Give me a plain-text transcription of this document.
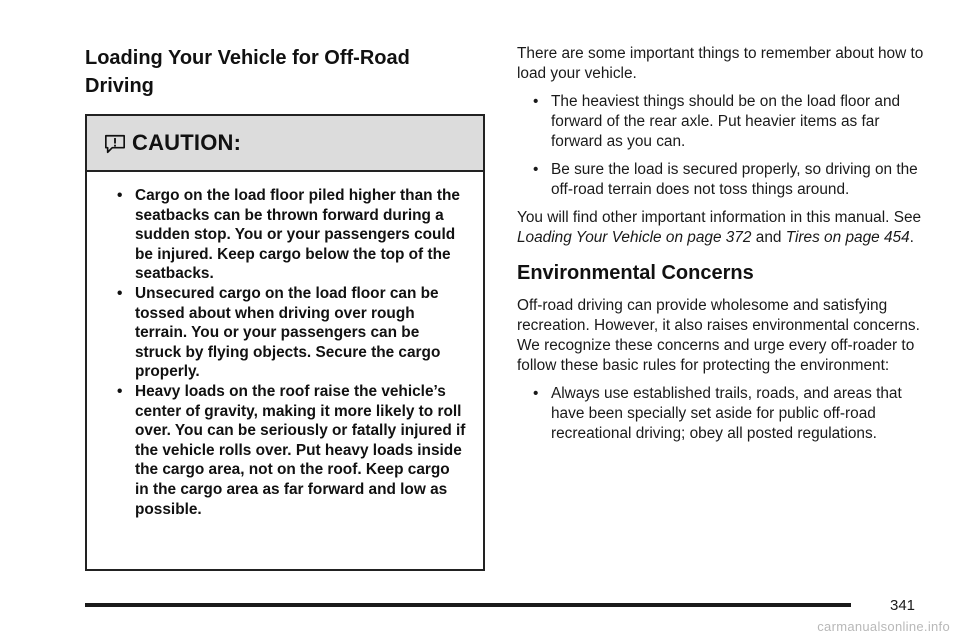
Loading Your Vehicle for Off-Road
Driving
CAUTION:
• Cargo on the load floor piled higher than the seatbacks can be thrown forward during a sudden stop. You or your passengers could be injured. Keep cargo below the top of the seatbacks.
• Unsecured cargo on the load floor can be tossed about when driving over rough terrain. You or your passengers can be struck by flying objects. Secure the cargo properly.
• Heavy loads on the roof raise the vehicle’s center of gravity, making it more likely to roll over. You can be seriously or fatally injured if the vehicle rolls over. Put heavy loads inside the cargo area, not on the roof. Keep cargo in the cargo area as far forward and low as possible.

There are some important things to remember about how to load your vehicle.

• The heaviest things should be on the load floor and forward of the rear axle. Put heavier items as far forward as you can.
• Be sure the load is secured properly, so driving on the off-road terrain does not toss things around.

You will find other important information in this manual. See Loading Your Vehicle on page 372 and Tires on page 454.

Environmental Concerns

Off-road driving can provide wholesome and satisfying recreation. However, it also raises environmental concerns. We recognize these concerns and urge every off-roader to follow these basic rules for protecting the environment:

• Always use established trails, roads, and areas that have been specially set aside for public off-road recreational driving; obey all posted regulations.
341
carmanualsonline.info
